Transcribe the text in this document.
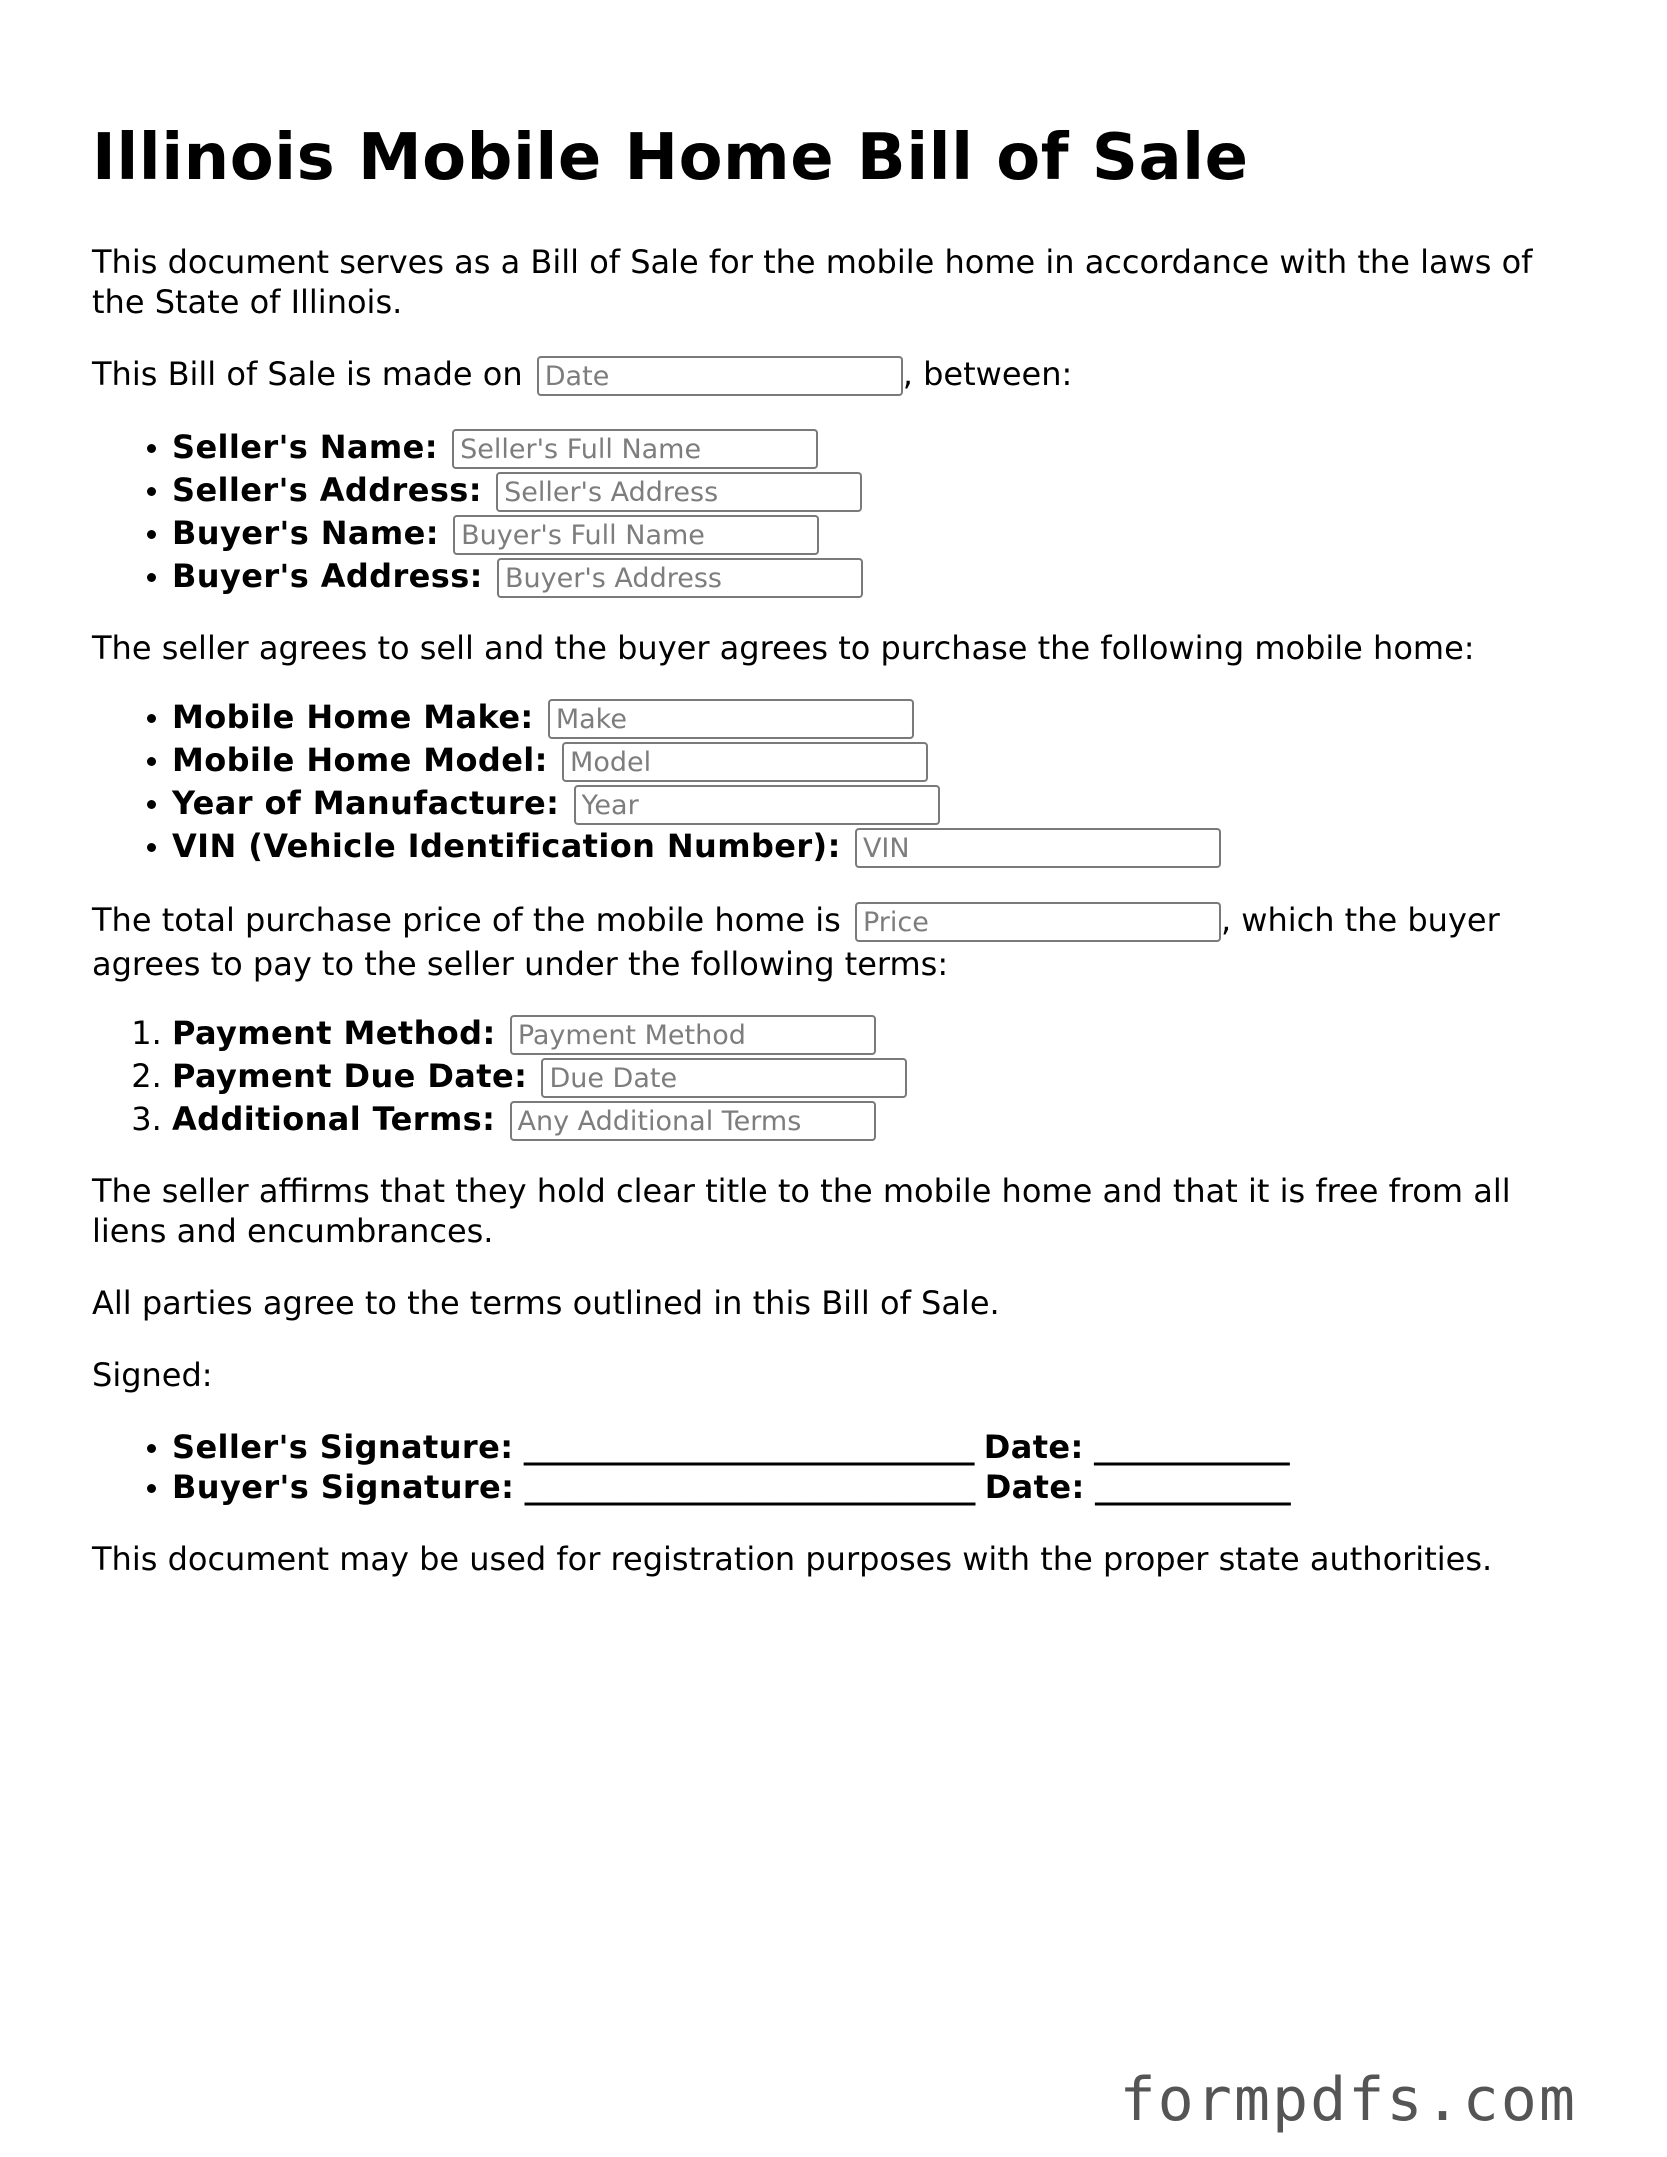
Illinois Mobile Home Bill of Sale

This document serves as a Bill of Sale for the mobile home in accordance with the laws of the State of Illinois.

This Bill of Sale is made on Date	, between:

• Seller's Name: Seller's Full Name
• Seller's Address: Seller's Address
• Buyer's Name: Buyer's Full Name
• Buyer's Address: Buyer's Address

The seller agrees to sell and the buyer agrees to purchase the following mobile home:

• Mobile Home Make: Make
• Mobile Home Model: Model
• Year of Manufacture: Year
• VIN (Vehicle Identification Number): VIN

The total purchase price of the mobile home is Price	, which the buyer agrees to pay to the seller under the following terms:

1. Payment Method: Payment Method
2. Payment Due Date: Due Date
3. Additional Terms: Any Additional Terms

The seller affirms that they hold clear title to the mobile home and that it is free from all liens and encumbrances.

All parties agree to the terms outlined in this Bill of Sale.

Signed:

• Seller's Signature: ______________________________ Date: _____________
• Buyer's Signature: ______________________________ Date: _____________

This document may be used for registration purposes with the proper state authorities.

formpdfs.com
